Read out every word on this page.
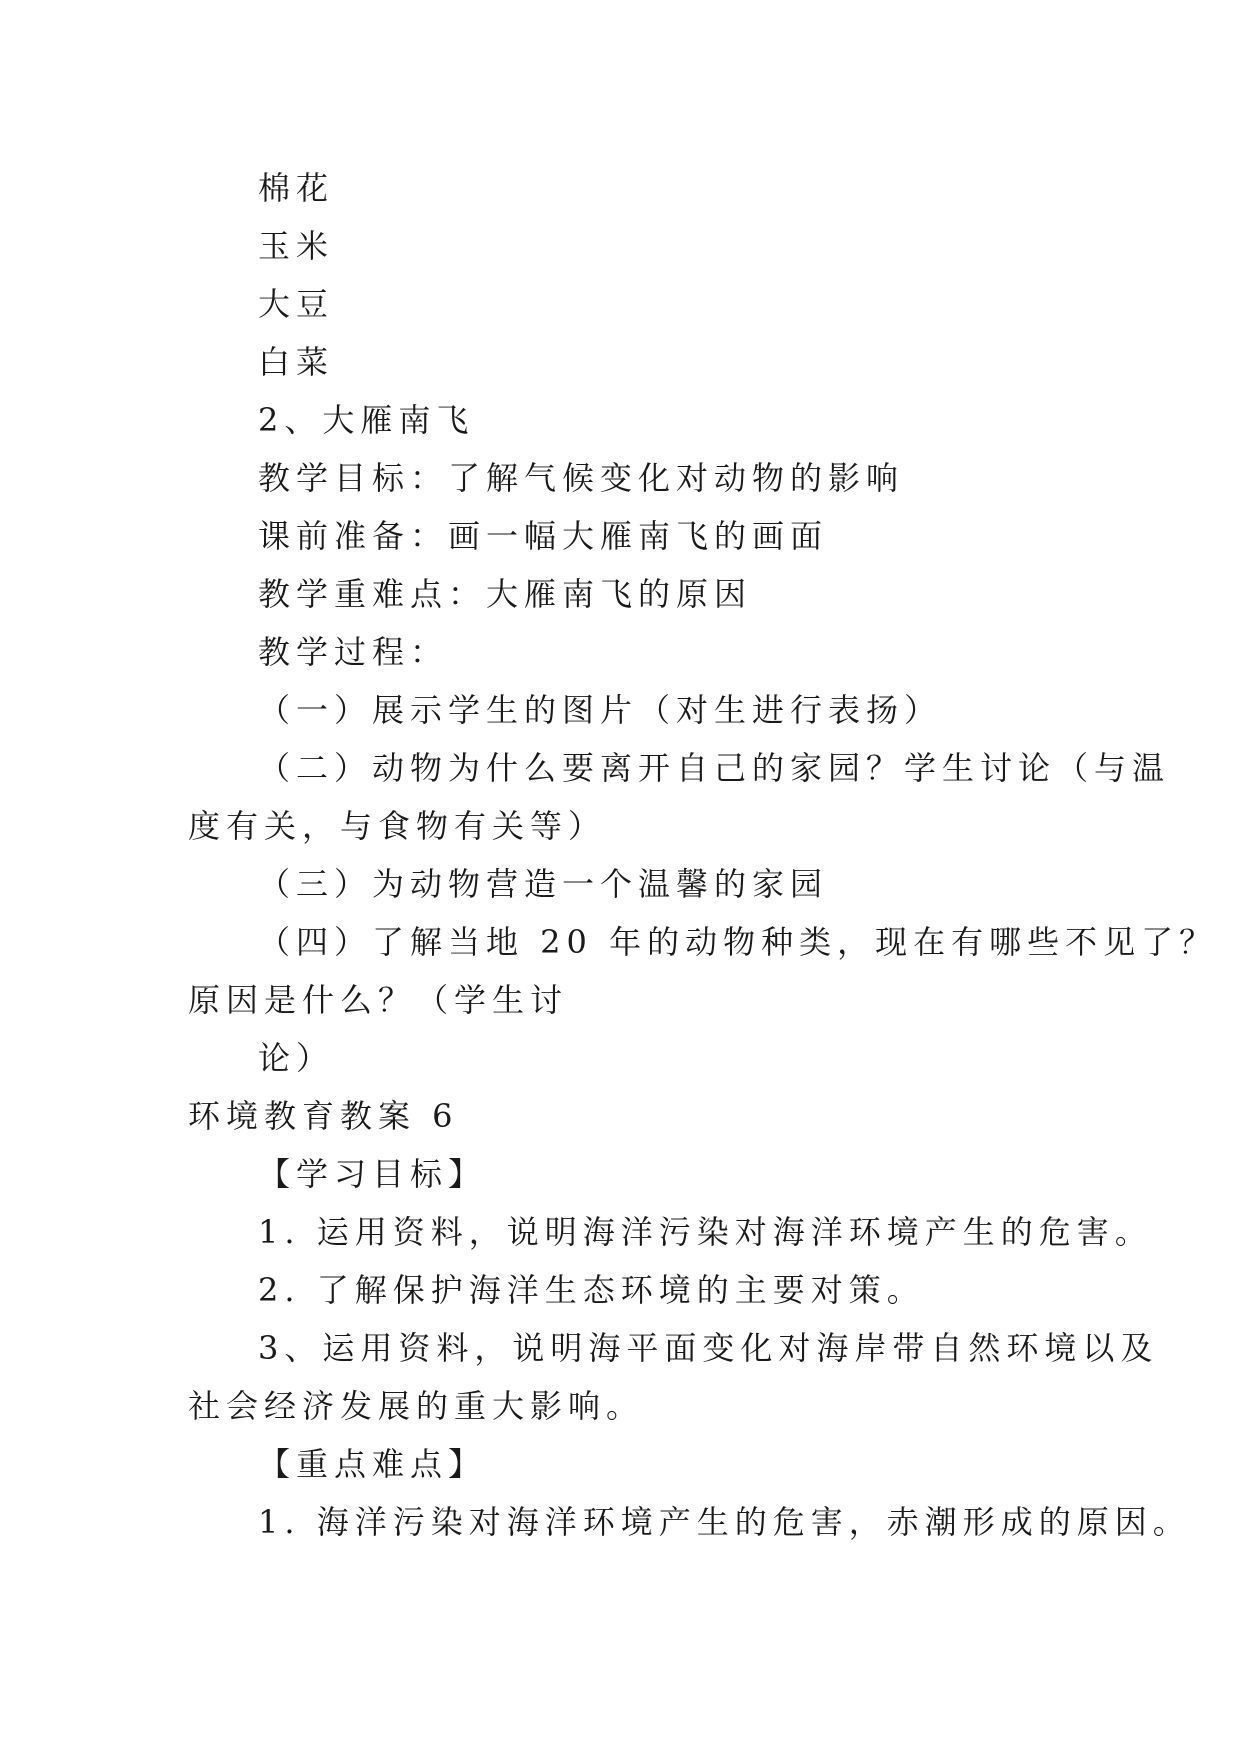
棉花
玉米
大豆
白菜
2、大雁南飞
教学目标：了解气候变化对动物的影响
课前准备：画一幅大雁南飞的画面
教学重难点：大雁南飞的原因
教学过程：
（一）展示学生的图片（对生进行表扬）
（二）动物为什么要离开自己的家园？学生讨论（与温
度有关，与食物有关等）
（三）为动物营造一个温馨的家园
（四）了解当地 20 年的动物种类，现在有哪些不见了？
原因是什么？（学生讨
论）
环境教育教案 6
【学习目标】
1. 运用资料，说明海洋污染对海洋环境产生的危害。
2. 了解保护海洋生态环境的主要对策。
3、运用资料，说明海平面变化对海岸带自然环境以及
社会经济发展的重大影响。
【重点难点】
1. 海洋污染对海洋环境产生的危害，赤潮形成的原因。
